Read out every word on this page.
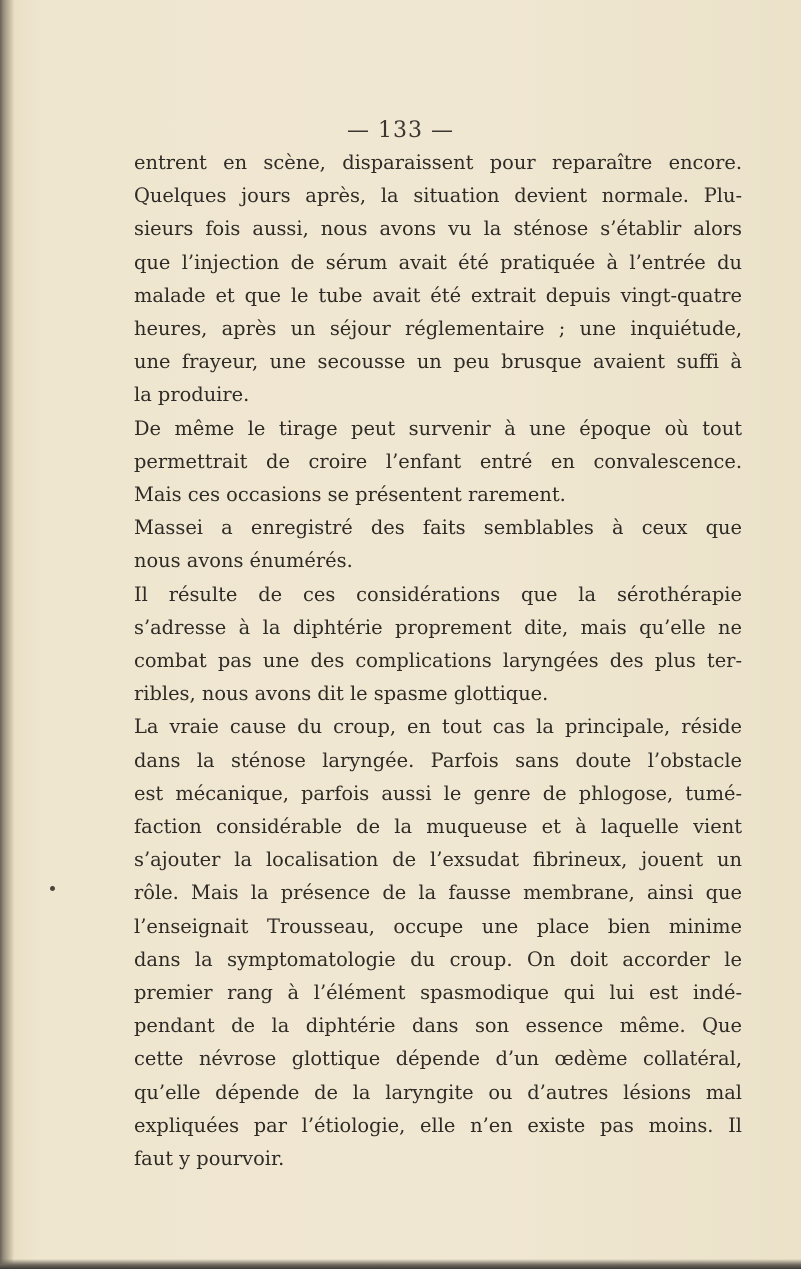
— 133 —

entrent en scène, disparaissent pour reparaître encore.

Quelques jours après, la situation devient normale. Plu-

sieurs fois aussi, nous avons vu la sténose s’établir alors

que l’injection de sérum avait été pratiquée à l’entrée du

malade et que le tube avait été extrait depuis vingt-quatre

heures, après un séjour réglementaire ; une inquiétude,

une frayeur, une secousse un peu brusque avaient suffi à

la produire.

De même le tirage peut survenir à une époque où tout

permettrait de croire l’enfant entré en convalescence.

Mais ces occasions se présentent rarement.

Massei a enregistré des faits semblables à ceux que

nous avons énumérés.

Il résulte de ces considérations que la sérothérapie

s’adresse à la diphtérie proprement dite, mais qu’elle ne

combat pas une des complications laryngées des plus ter-

ribles, nous avons dit le spasme glottique.

La vraie cause du croup, en tout cas la principale, réside

dans la sténose laryngée. Parfois sans doute l’obstacle

est mécanique, parfois aussi le genre de phlogose, tumé-

faction considérable de la muqueuse et à laquelle vient

s’ajouter la localisation de l’exsudat fibrineux, jouent un

rôle. Mais la présence de la fausse membrane, ainsi que

l’enseignait Trousseau, occupe une place bien minime

dans la symptomatologie du croup. On doit accorder le

premier rang à l’élément spasmodique qui lui est indé-

pendant de la diphtérie dans son essence même. Que

cette névrose glottique dépende d’un œdème collatéral,

qu’elle dépende de la laryngite ou d’autres lésions mal

expliquées par l’étiologie, elle n’en existe pas moins. Il

faut y pourvoir.
